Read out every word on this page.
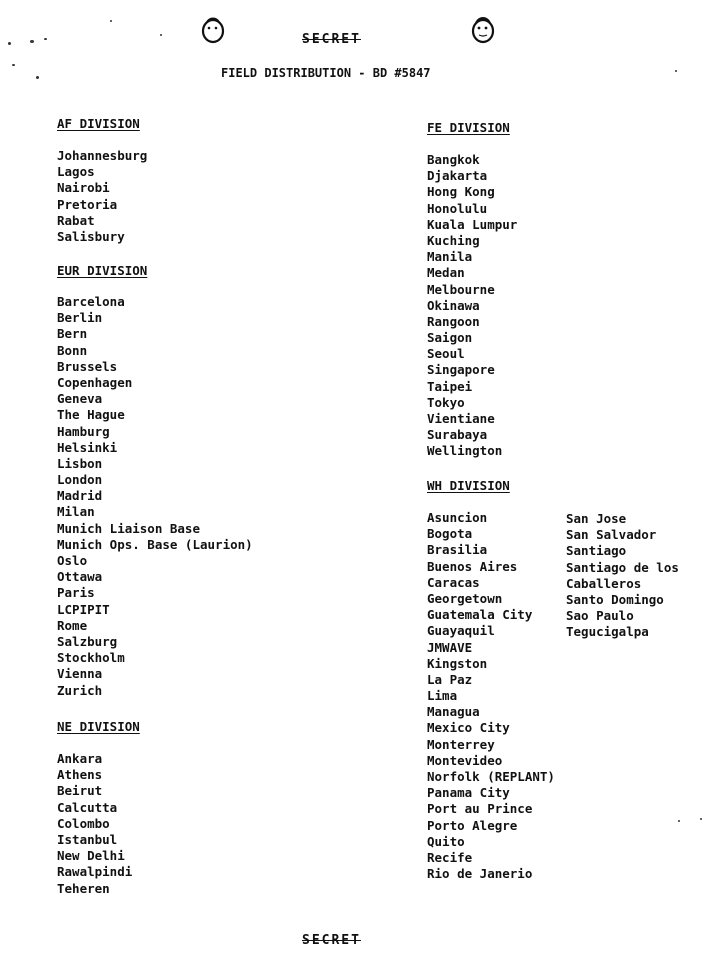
SECRET
FIELD DISTRIBUTION - BD #5847
AF DIVISION
Johannesburg
Lagos
Nairobi
Pretoria
Rabat
Salisbury
EUR DIVISION
Barcelona
Berlin
Bern
Bonn
Brussels
Copenhagen
Geneva
The Hague
Hamburg
Helsinki
Lisbon
London
Madrid
Milan
Munich Liaison Base
Munich Ops. Base (Laurion)
Oslo
Ottawa
Paris
LCPIPIT
Rome
Salzburg
Stockholm
Vienna
Zurich
NE DIVISION
Ankara
Athens
Beirut
Calcutta
Colombo
Istanbul
New Delhi
Rawalpindi
Teheren
FE DIVISION
Bangkok
Djakarta
Hong Kong
Honolulu
Kuala Lumpur
Kuching
Manila
Medan
Melbourne
Okinawa
Rangoon
Saigon
Seoul
Singapore
Taipei
Tokyo
Vientiane
Surabaya
Wellington
WH DIVISION
Asuncion
Bogota
Brasilia
Buenos Aires
Caracas
Georgetown
Guatemala City
Guayaquil
JMWAVE
Kingston
La Paz
Lima
Managua
Mexico City
Monterrey
Montevideo
Norfolk (REPLANT)
Panama City
Port au Prince
Porto Alegre
Quito
Recife
Rio de Janerio
San Jose
San Salvador
Santiago
Santiago de los
Caballeros
Santo Domingo
Sao Paulo
Tegucigalpa
SECRET
